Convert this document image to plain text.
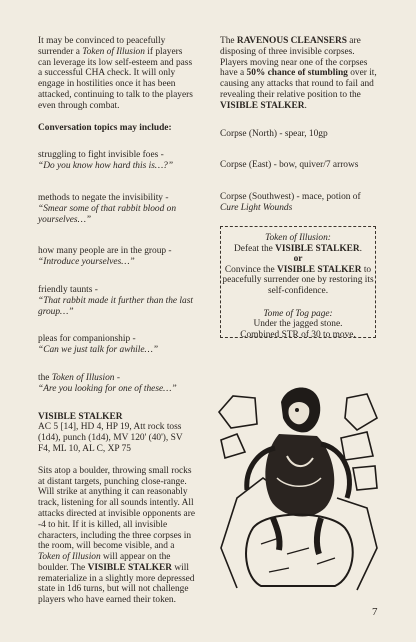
It may be convinced to peacefully surrender a Token of Illusion if players can leverage its low self-esteem and pass a successful CHA check. It will only engage in hostilities once it has been attacked, continuing to talk to the players even through combat.

Conversation topics may include:

struggling to fight invisible foes -
“Do you know how hard this is…?”

methods to negate the invisibility -
“Smear some of that rabbit blood on yourselves…”

how many people are in the group -
“Introduce yourselves…”

friendly taunts -
“That rabbit made it further than the last group…”

pleas for companionship -
“Can we just talk for awhile…”

the Token of Illusion -
“Are you looking for one of these…”

VISIBLE STALKER

AC 5 [14], HD 4, HP 19, Att rock toss (1d4), punch (1d4), MV 120' (40'), SV F4, ML 10, AL C, XP 75

Sits atop a boulder, throwing small rocks at distant targets, punching close-range. Will strike at anything it can reasonably track, listening for all sounds intently. All attacks directed at invisible opponents are -4 to hit. If it is killed, all invisible characters, including the three corpses in the room, will become visible, and a Token of Illusion will appear on the boulder. The VISIBLE STALKER will rematerialize in a slightly more depressed state in 1d6 turns, but will not challenge players who have earned their token.

The RAVENOUS CLEANSERS are disposing of three invisible corpses. Players moving near one of the corpses have a 50% chance of stumbling over it, causing any attacks that round to fail and revealing their relative position to the VISIBLE STALKER.

Corpse (North) - spear, 10gp

Corpse (East) - bow, quiver/7 arrows

Corpse (Southwest) - mace, potion of Cure Light Wounds

Token of Illusion:

Defeat the VISIBLE STALKER.

or

Convince the VISIBLE STALKER to peacefully surrender one by restoring its self-confidence.

Tome of Tog page:

Under the jagged stone.

Combined STR of 30 to move.

7
